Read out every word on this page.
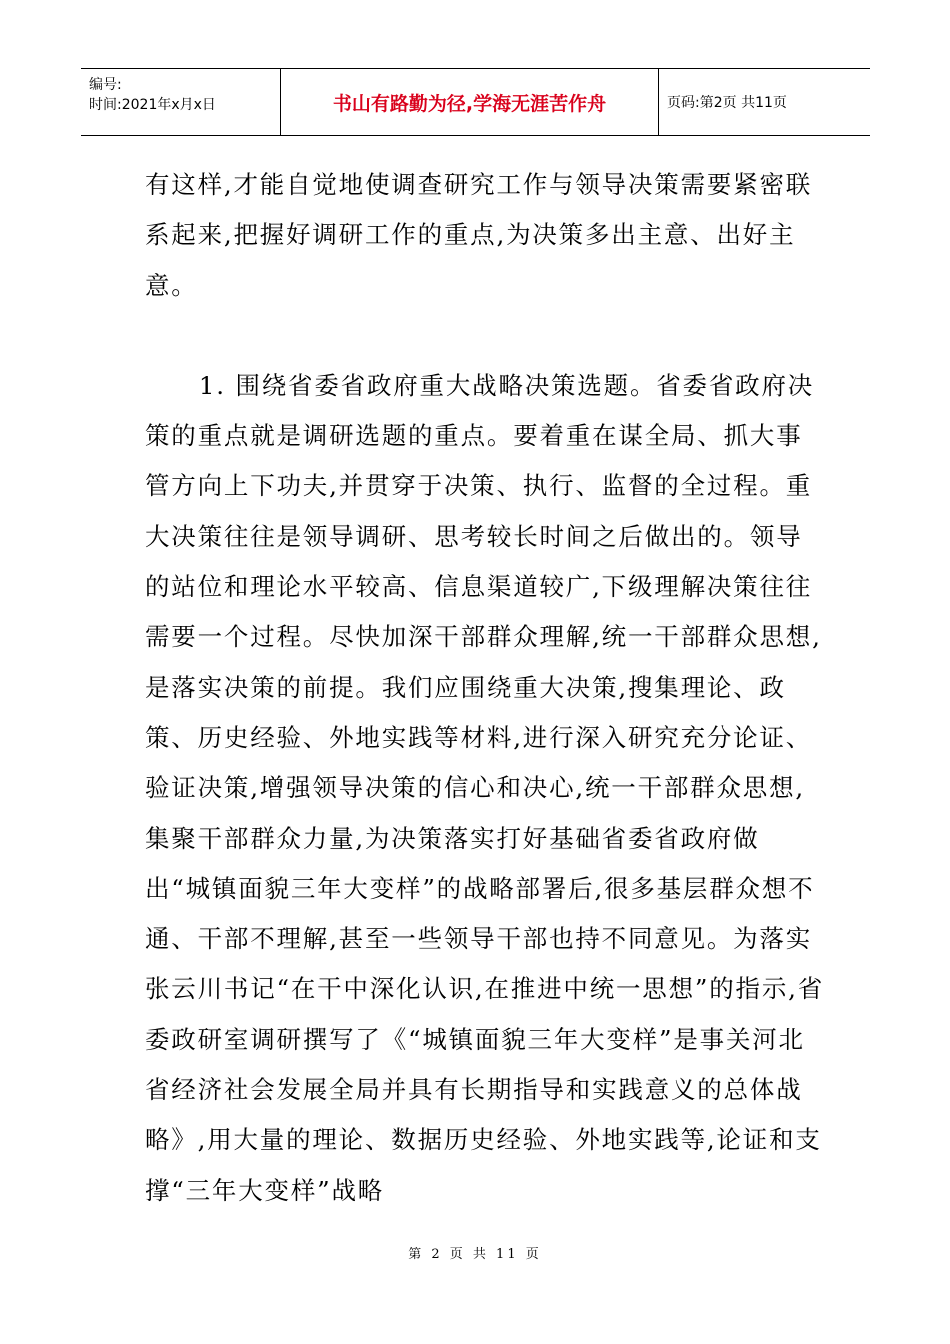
编号:
时间:2021年x月x日	书山有路勤为径,学海无涯苦作舟	页码:第2页 共11页

有这样,才能自觉地使调查研究工作与领导决策需要紧密联系起来,把握好调研工作的重点,为决策多出主意、出好主意。

1. 围绕省委省政府重大战略决策选题。省委省政府决策的重点就是调研选题的重点。要着重在谋全局、抓大事管方向上下功夫,并贯穿于决策、执行、监督的全过程。重大决策往往是领导调研、思考较长时间之后做出的。领导的站位和理论水平较高、信息渠道较广,下级理解决策往往需要一个过程。尽快加深干部群众理解,统一干部群众思想,是落实决策的前提。我们应围绕重大决策,搜集理论、政策、历史经验、外地实践等材料,进行深入研究充分论证、验证决策,增强领导决策的信心和决心,统一干部群众思想,集聚干部群众力量,为决策落实打好基础省委省政府做出“城镇面貌三年大变样”的战略部署后,很多基层群众想不通、干部不理解,甚至一些领导干部也持不同意见。为落实张云川书记“在干中深化认识,在推进中统一思想”的指示,省委政研室调研撰写了《“城镇面貌三年大变样”是事关河北省经济社会发展全局并具有长期指导和实践意义的总体战略》,用大量的理论、数据历史经验、外地实践等,论证和支撑“三年大变样”战略

第 2 页 共 11 页
